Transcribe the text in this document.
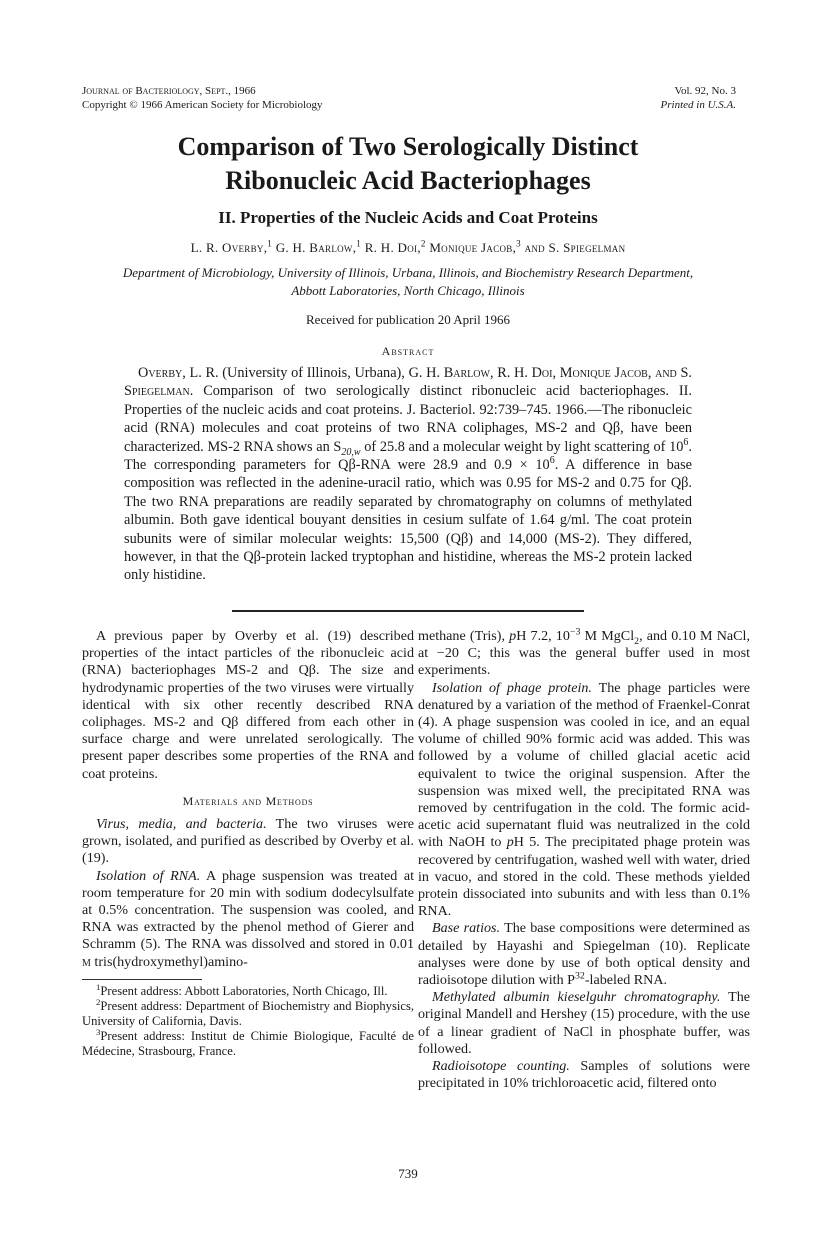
Journal of Bacteriology, Sept., 1966
Copyright © 1966 American Society for Microbiology
Vol. 92, No. 3
Printed in U.S.A.
Comparison of Two Serologically Distinct
Ribonucleic Acid Bacteriophages
II. Properties of the Nucleic Acids and Coat Proteins
L. R. Overby,$^1$ G. H. Barlow,$^1$ R. H. Doi,$^2$ Monique Jacob,$^3$ and S. Spiegelman
Department of Microbiology, University of Illinois, Urbana, Illinois, and Biochemistry Research Department, Abbott Laboratories, North Chicago, Illinois
Received for publication 20 April 1966
Abstract
Overby, L. R. (University of Illinois, Urbana), G. H. Barlow, R. H. Doi, Monique Jacob, and S. Spiegelman. Comparison of two serologically distinct ribonucleic acid bacteriophages. II. Properties of the nucleic acids and coat proteins. J. Bacteriol. 92:739–745. 1966.—The ribonucleic acid (RNA) molecules and coat proteins of two RNA coliphages, MS-2 and Qβ, have been characterized. MS-2 RNA shows an $S_{20,w}$ of 25.8 and a molecular weight by light scattering of $10^6$. The corresponding parameters for Qβ-RNA were 28.9 and $0.9 \times 10^6$. A difference in base composition was reflected in the adenine-uracil ratio, which was 0.95 for MS-2 and 0.75 for Qβ. The two RNA preparations are readily separated by chromatography on columns of methylated albumin. Both gave identical bouyant densities in cesium sulfate of 1.64 g/ml. The coat protein subunits were of similar molecular weights: 15,500 (Qβ) and 14,000 (MS-2). They differed, however, in that the Qβ-protein lacked tryptophan and histidine, whereas the MS-2 protein lacked only histidine.

A previous paper by Overby et al. (19) described properties of the intact particles of the ribonucleic acid (RNA) bacteriophages MS-2 and Qβ. The size and hydrodynamic properties of the two viruses were virtually identical with six other recently described RNA coliphages. MS-2 and Qβ differed from each other in surface charge and were unrelated serologically. The present paper describes some properties of the RNA and coat proteins.

Materials and Methods

Virus, media, and bacteria. The two viruses were grown, isolated, and purified as described by Overby et al. (19).

Isolation of RNA. A phage suspension was treated at room temperature for 20 min with sodium dodecylsulfate at 0.5% concentration. The suspension was cooled, and RNA was extracted by the phenol method of Gierer and Schramm (5). The RNA was dissolved and stored in 0.01 m tris(hydroxymethyl)amino-

$^1$Present address: Abbott Laboratories, North Chicago, Ill.

$^2$Present address: Department of Biochemistry and Biophysics, University of California, Davis.

$^3$Present address: Institut de Chimie Biologique, Faculté de Médecine, Strasbourg, France.

methane (Tris), pH 7.2, $10^{-3}$ M MgCl$_2$, and 0.10 M NaCl, at −20 C; this was the general buffer used in most experiments.

Isolation of phage protein. The phage particles were denatured by a variation of the method of Fraenkel-Conrat (4). A phage suspension was cooled in ice, and an equal volume of chilled 90% formic acid was added. This was followed by a volume of chilled glacial acetic acid equivalent to twice the original suspension. After the suspension was mixed well, the precipitated RNA was removed by centrifugation in the cold. The formic acid-acetic acid supernatant fluid was neutralized in the cold with NaOH to pH 5. The precipitated phage protein was recovered by centrifugation, washed well with water, dried in vacuo, and stored in the cold. These methods yielded protein dissociated into subunits and with less than 0.1% RNA.

Base ratios. The base compositions were determined as detailed by Hayashi and Spiegelman (10). Replicate analyses were done by use of both optical density and radioisotope dilution with $P^{32}$-labeled RNA.

Methylated albumin kieselguhr chromatography. The original Mandell and Hershey (15) procedure, with the use of a linear gradient of NaCl in phosphate buffer, was followed.

Radioisotope counting. Samples of solutions were precipitated in 10% trichloroacetic acid, filtered onto

739
